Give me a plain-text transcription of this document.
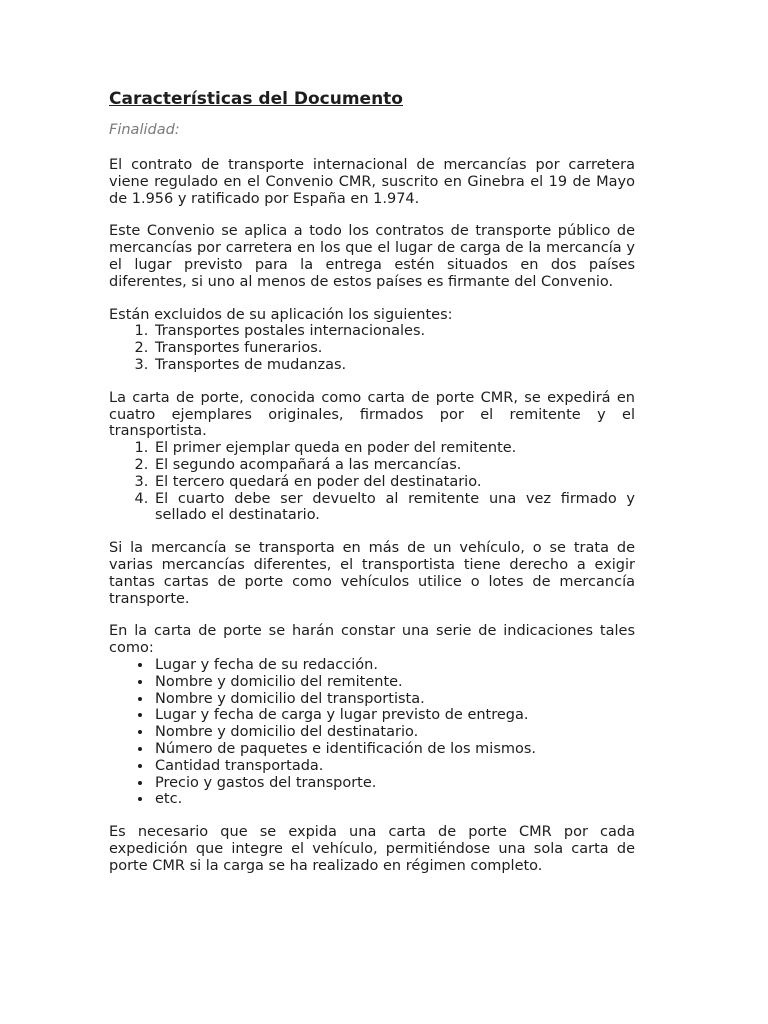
Características del Documento
Finalidad:

El contrato de transporte internacional de mercancías por carretera viene regulado en el Convenio CMR, suscrito en Ginebra el 19 de Mayo de 1.956 y ratificado por España en 1.974.

Este Convenio se aplica a todo los contratos de transporte público de mercancías por carretera en los que el lugar de carga de la mercancía y el lugar previsto para la entrega estén situados en dos países diferentes, si uno al menos de estos países es firmante del Convenio.

Están excluidos de su aplicación los siguientes:

1. Transportes postales internacionales.
2. Transportes funerarios.
3. Transportes de mudanzas.

La carta de porte, conocida como carta de porte CMR, se expedirá en cuatro ejemplares originales, firmados por el remitente y el transportista.

1. El primer ejemplar queda en poder del remitente.
2. El segundo acompañará a las mercancías.
3. El tercero quedará en poder del destinatario.
4. El cuarto debe ser devuelto al remitente una vez firmado y sellado el destinatario.

Si la mercancía se transporta en más de un vehículo, o se trata de varias mercancías diferentes, el transportista tiene derecho a exigir tantas cartas de porte como vehículos utilice o lotes de mercancía transporte.

En la carta de porte se harán constar una serie de indicaciones tales como:

• Lugar y fecha de su redacción.
• Nombre y domicilio del remitente.
• Nombre y domicilio del transportista.
• Lugar y fecha de carga y lugar previsto de entrega.
• Nombre y domicilio del destinatario.
• Número de paquetes e identificación de los mismos.
• Cantidad transportada.
• Precio y gastos del transporte.
• etc.

Es necesario que se expida una carta de porte CMR por cada expedición que integre el vehículo, permitiéndose una sola carta de porte CMR si la carga se ha realizado en régimen completo.
